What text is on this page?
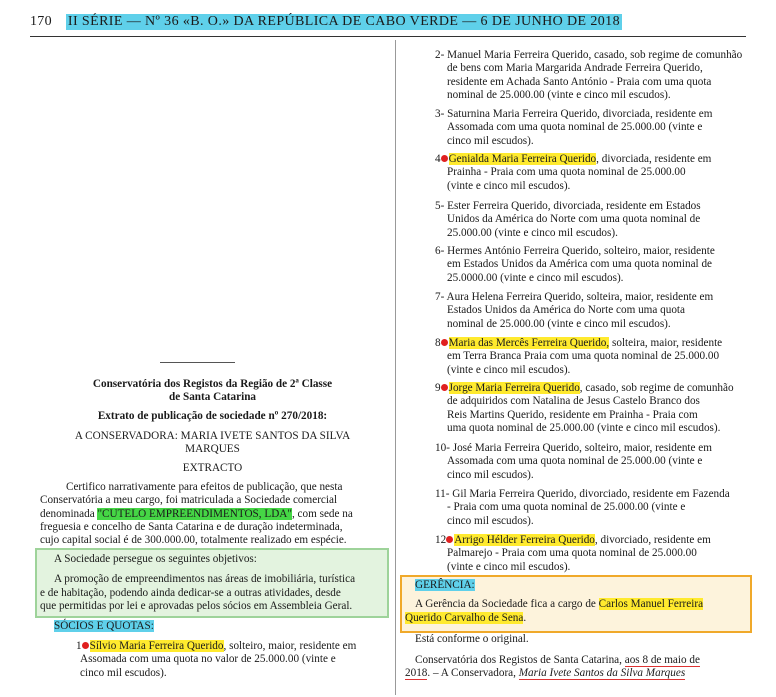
170 II SÉRIE — Nº 36 «B. O.» DA REPÚBLICA DE CABO VERDE — 6 DE JUNHO DE 2018
Conservatória dos Registos da Região de 2ª Classe
de Santa Catarina
Extrato de publicação de sociedade nº 270/2018:
A CONSERVADORA: MARIA IVETE SANTOS DA SILVA
MARQUES
EXTRACTO
Certifico narrativamente para efeitos de publicação, que nesta
Conservatória a meu cargo, foi matriculada a Sociedade comercial
denominada "CUTELO EMPREENDIMENTOS, LDA", com sede na
freguesia e concelho de Santa Catarina e de duração indeterminada,
cujo capital social é de 300.000.00, totalmente realizado em espécie.
A Sociedade persegue os seguintes objetivos:
A promoção de empreendimentos nas áreas de imobiliária, turística
e de habitação, podendo ainda dedicar-se a outras atividades, desde
que permitidas por lei e aprovadas pelos sócios em Assembleia Geral.
SÓCIOS E QUOTAS:
1 Sílvio Maria Ferreira Querido, solteiro, maior, residente em
Assomada com uma quota no valor de 25.000.00 (vinte e
cinco mil escudos).
2- Manuel Maria Ferreira Querido, casado, sob regime de comunhão
de bens com Maria Margarida Andrade Ferreira Querido,
residente em Achada Santo António - Praia com uma quota
nominal de 25.000.00 (vinte e cinco mil escudos).
3- Saturnina Maria Ferreira Querido, divorciada, residente em
Assomada com uma quota nominal de 25.000.00 (vinte e
cinco mil escudos).
4 Genialda Maria Ferreira Querido, divorciada, residente em
Prainha - Praia com uma quota nominal de 25.000.00
(vinte e cinco mil escudos).
5- Ester Ferreira Querido, divorciada, residente em Estados
Unidos da América do Norte com uma quota nominal de
25.000.00 (vinte e cinco mil escudos).
6- Hermes António Ferreira Querido, solteiro, maior, residente
em Estados Unidos da América com uma quota nominal de
25.0000.00 (vinte e cinco mil escudos).
7- Aura Helena Ferreira Querido, solteira, maior, residente em
Estados Unidos da América do Norte com uma quota
nominal de 25.000.00 (vinte e cinco mil escudos).
8 Maria das Mercês Ferreira Querido, solteira, maior, residente
em Terra Branca Praia com uma quota nominal de 25.000.00
(vinte e cinco mil escudos).
9 Jorge Maria Ferreira Querido, casado, sob regime de comunhão
de adquiridos com Natalina de Jesus Castelo Branco dos
Reis Martins Querido, residente em Prainha - Praia com
uma quota nominal de 25.000.00 (vinte e cinco mil escudos).
10- José Maria Ferreira Querido, solteiro, maior, residente em
Assomada com uma quota nominal de 25.000.00 (vinte e
cinco mil escudos).
11- Gil Maria Ferreira Querido, divorciado, residente em Fazenda
- Praia com uma quota nominal de 25.000.00 (vinte e
cinco mil escudos).
12 Arrigo Hélder Ferreira Querido, divorciado, residente em
Palmarejo - Praia com uma quota nominal de 25.000.00
(vinte e cinco mil escudos).
GERÊNCIA:
A Gerência da Sociedade fica a cargo de Carlos Manuel Ferreira
Querido Carvalho de Sena.
Está conforme o original.
Conservatória dos Registos de Santa Catarina, aos 8 de maio de
2018. – A Conservadora, Maria Ivete Santos da Silva Marques
